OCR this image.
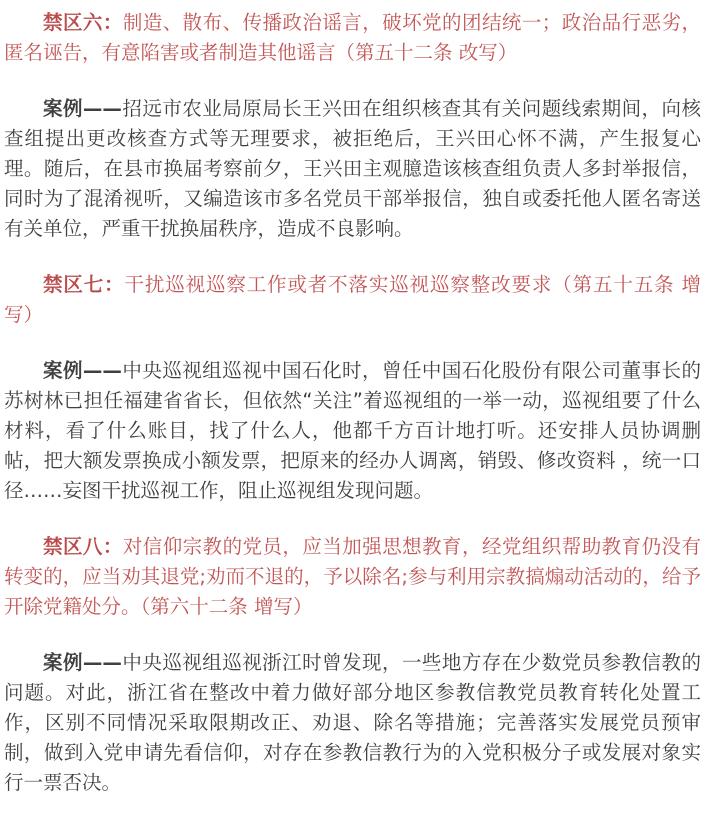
禁区六：制造、散布、传播政治谣言，破坏党的团结统一；政治品行恶劣，匿名诬告，有意陷害或者制造其他谣言（第五十二条 改写）

案例——招远市农业局原局长王兴田在组织核查其有关问题线索期间，向核查组提出更改核查方式等无理要求，被拒绝后，王兴田心怀不满，产生报复心理。随后，在县市换届考察前夕，王兴田主观臆造该核查组负责人多封举报信，同时为了混淆视听，又编造该市多名党员干部举报信，独自或委托他人匿名寄送有关单位，严重干扰换届秩序，造成不良影响。

禁区七：干扰巡视巡察工作或者不落实巡视巡察整改要求（第五十五条 增写）

案例——中央巡视组巡视中国石化时，曾任中国石化股份有限公司董事长的苏树林已担任福建省省长，但依然“关注”着巡视组的一举一动，巡视组要了什么材料，看了什么账目，找了什么人，他都千方百计地打听。还安排人员协调删帖，把大额发票换成小额发票，把原来的经办人调离，销毁、修改资料 ，统一口径……妄图干扰巡视工作，阻止巡视组发现问题。

禁区八：对信仰宗教的党员，应当加强思想教育，经党组织帮助教育仍没有转变的，应当劝其退党;劝而不退的，予以除名;参与利用宗教搞煽动活动的，给予开除党籍处分。（第六十二条 增写）

案例——中央巡视组巡视浙江时曾发现，一些地方存在少数党员参教信教的问题。对此，浙江省在整改中着力做好部分地区参教信教党员教育转化处置工作，区别不同情况采取限期改正、劝退、除名等措施；完善落实发展党员预审制，做到入党申请先看信仰，对存在参教信教行为的入党积极分子或发展对象实行一票否决。
